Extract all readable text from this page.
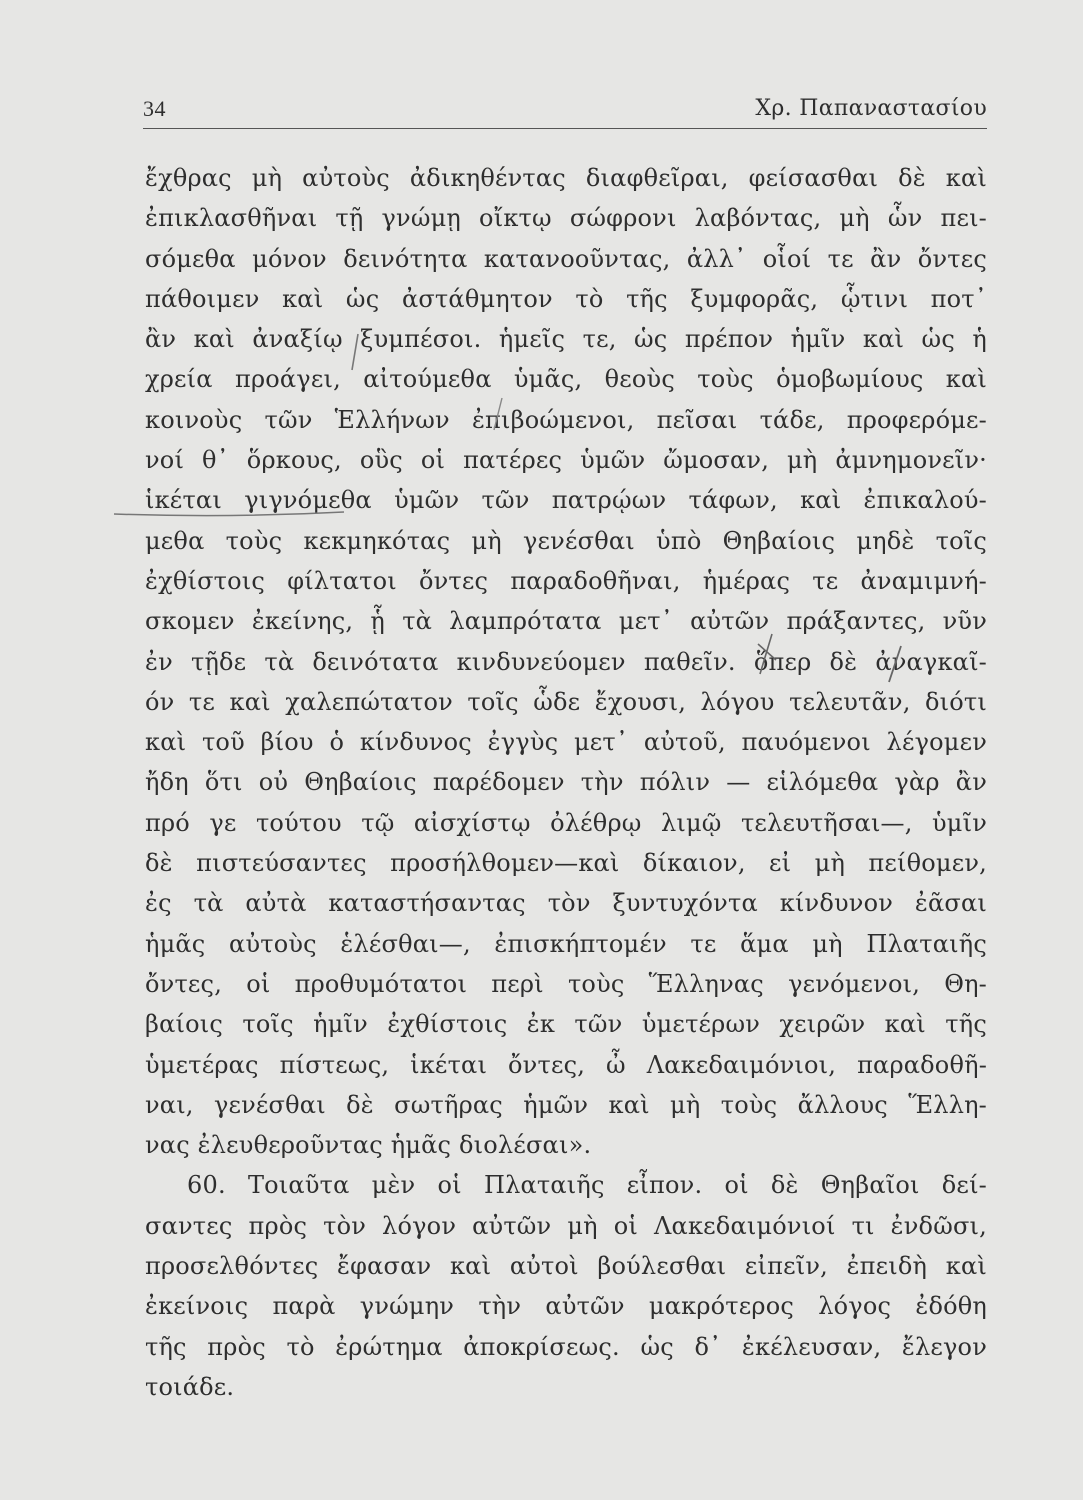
34	Χρ. Παπαναστασίου
ἔχθρας μὴ αὐτοὺς ἀδικηθέντας διαφθεῖραι, φείσασθαι δὲ καὶ
ἐπικλασθῆναι τῇ γνώμῃ οἴκτῳ σώφρονι λαβόντας, μὴ ὧν πει-
σόμεθα μόνον δεινότητα κατανοοῦντας, ἀλλ᾿ οἷοί τε ἂν ὄντες
πάθοιμεν καὶ ὡς ἀστάθμητον τὸ τῆς ξυμφορᾶς, ᾧτινι ποτ᾿
ἂν καὶ ἀναξίῳ ξυμπέσοι. ἡμεῖς τε, ὡς πρέπον ἡμῖν καὶ ὡς ἡ
χρεία προάγει, αἰτούμεθα ὑμᾶς, θεοὺς τοὺς ὁμοβωμίους καὶ
κοινοὺς τῶν Ἑλλήνων ἐπιβοώμενοι, πεῖσαι τάδε, προφερόμε-
νοί θ᾿ ὅρκους, οὓς οἱ πατέρες ὑμῶν ὤμοσαν, μὴ ἀμνημονεῖν·
ἱκέται γιγνόμεθα ὑμῶν τῶν πατρῴων τάφων, καὶ ἐπικαλού-
μεθα τοὺς κεκμηκότας μὴ γενέσθαι ὑπὸ Θηβαίοις μηδὲ τοῖς
ἐχθίστοις φίλτατοι ὄντες παραδοθῆναι, ἡμέρας τε ἀναμιμνή-
σκομεν ἐκείνης, ᾗ τὰ λαμπρότατα μετ᾿ αὐτῶν πράξαντες, νῦν
ἐν τῇδε τὰ δεινότατα κινδυνεύομεν παθεῖν. ὅπερ δὲ ἀναγκαῖ-
όν τε καὶ χαλεπώτατον τοῖς ὧδε ἔχουσι, λόγου τελευτᾶν, διότι
καὶ τοῦ βίου ὁ κίνδυνος ἐγγὺς μετ᾿ αὐτοῦ, παυόμενοι λέγομεν
ἤδη ὅτι οὐ Θηβαίοις παρέδομεν τὴν πόλιν — εἱλόμεθα γὰρ ἂν
πρό γε τούτου τῷ αἰσχίστῳ ὀλέθρῳ λιμῷ τελευτῆσαι—, ὑμῖν
δὲ πιστεύσαντες προσήλθομεν—καὶ δίκαιον, εἰ μὴ πείθομεν,
ἐς τὰ αὐτὰ καταστήσαντας τὸν ξυντυχόντα κίνδυνον ἐᾶσαι
ἡμᾶς αὐτοὺς ἑλέσθαι—, ἐπισκήπτομέν τε ἅμα μὴ Πλαταιῆς
ὄντες, οἱ προθυμότατοι περὶ τοὺς Ἕλληνας γενόμενοι, Θη-
βαίοις τοῖς ἡμῖν ἐχθίστοις ἐκ τῶν ὑμετέρων χειρῶν καὶ τῆς
ὑμετέρας πίστεως, ἱκέται ὄντες, ὦ Λακεδαιμόνιοι, παραδοθῆ-
ναι, γενέσθαι δὲ σωτῆρας ἡμῶν καὶ μὴ τοὺς ἄλλους Ἕλλη-
νας ἐλευθεροῦντας ἡμᾶς διολέσαι».
60. Τοιαῦτα μὲν οἱ Πλαταιῆς εἶπον. οἱ δὲ Θηβαῖοι δεί-
σαντες πρὸς τὸν λόγον αὐτῶν μὴ οἱ Λακεδαιμόνιοί τι ἐνδῶσι,
προσελθόντες ἔφασαν καὶ αὐτοὶ βούλεσθαι εἰπεῖν, ἐπειδὴ καὶ
ἐκείνοις παρὰ γνώμην τὴν αὐτῶν μακρότερος λόγος ἐδόθη
τῆς πρὸς τὸ ἐρώτημα ἀποκρίσεως. ὡς δ᾿ ἐκέλευσαν, ἔλεγον
τοιάδε.
